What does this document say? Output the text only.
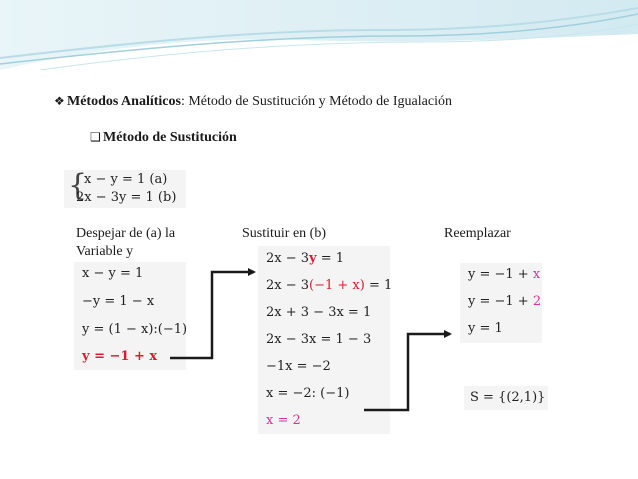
❖ Métodos Analíticos: Método de Sustitución y Método de Igualación
❑ Método de Sustitución
{
x − y = 1 (a)
2x − 3y = 1 (b)
Despejar de (a) la
Variable y
Sustituir en (b)	Reemplazar
x − y = 1
−y = 1 − x
y = (1 − x):(−1)
y = −1 + x
2x − 3y = 1
2x − 3(−1 + x) = 1
2x + 3 − 3x = 1
2x − 3x = 1 − 3
−1x = −2
x = −2: (−1)
x = 2
y = −1 + x
y = −1 + 2
y = 1
S = {(2,1)}
